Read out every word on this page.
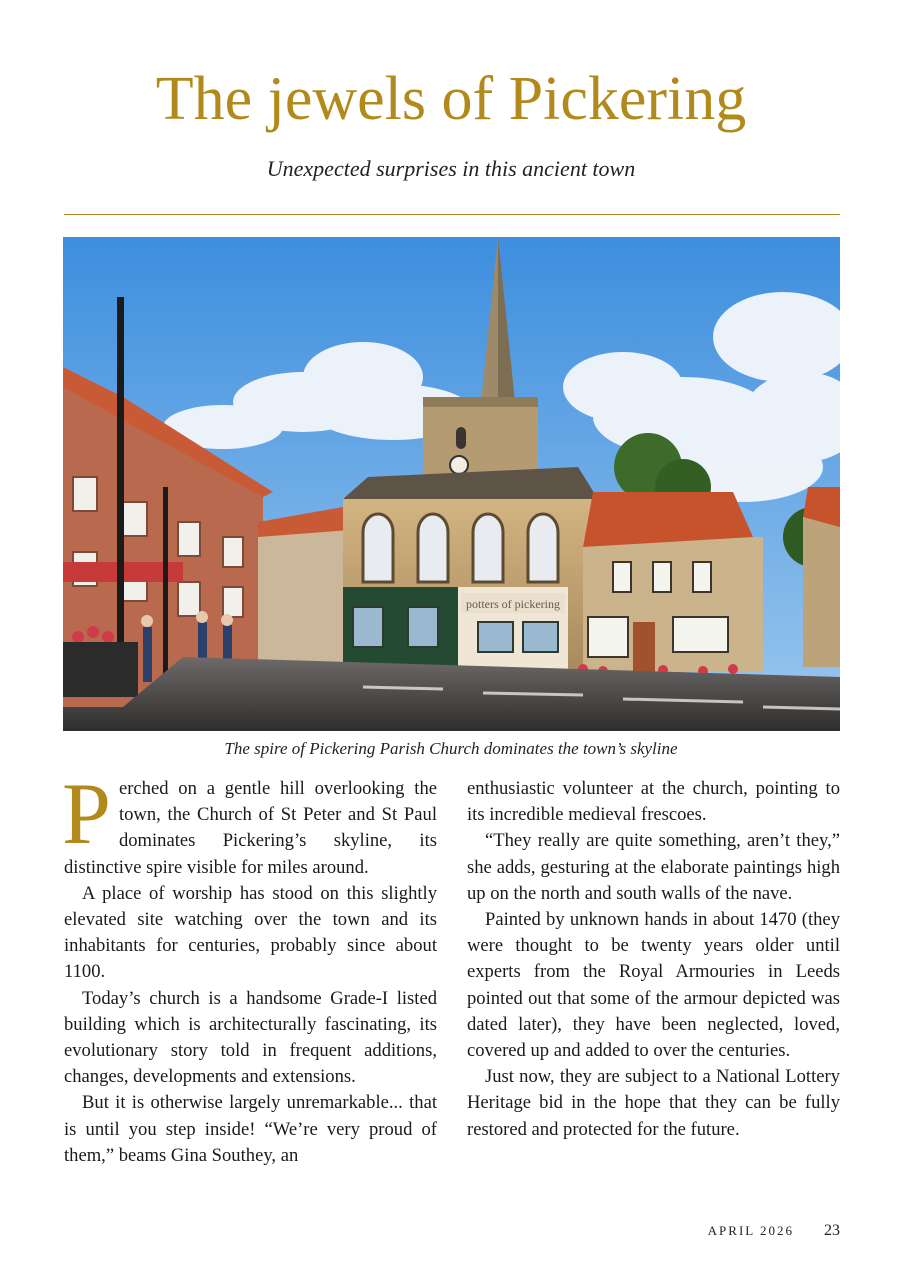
The jewels of Pickering
Unexpected surprises in this ancient town
potters of pickering
The spire of Pickering Parish Church dominates the town’s skyline

Perched on a gentle hill overlooking the town, the Church of St Peter and St Paul dominates Pickering’s skyline, its distinctive spire visible for miles around.

A place of worship has stood on this slightly elevated site watching over the town and its inhabitants for centuries, probably since about 1100.

Today’s church is a handsome Grade-I listed building which is architecturally fascinating, its evolutionary story told in frequent additions, changes, developments and extensions.

But it is otherwise largely unremarkable... that is until you step inside! “We’re very proud of them,” beams Gina Southey, an

enthusiastic volunteer at the church, pointing to its incredible medieval frescoes.

“They really are quite something, aren’t they,” she adds, gesturing at the elaborate paintings high up on the north and south walls of the nave.

Painted by unknown hands in about 1470 (they were thought to be twenty years older until experts from the Royal Armouries in Leeds pointed out that some of the armour depicted was dated later), they have been neglected, loved, covered up and added to over the centuries.

Just now, they are subject to a National Lottery Heritage bid in the hope that they can be fully restored and protected for the future.

APRIL 2026 23
